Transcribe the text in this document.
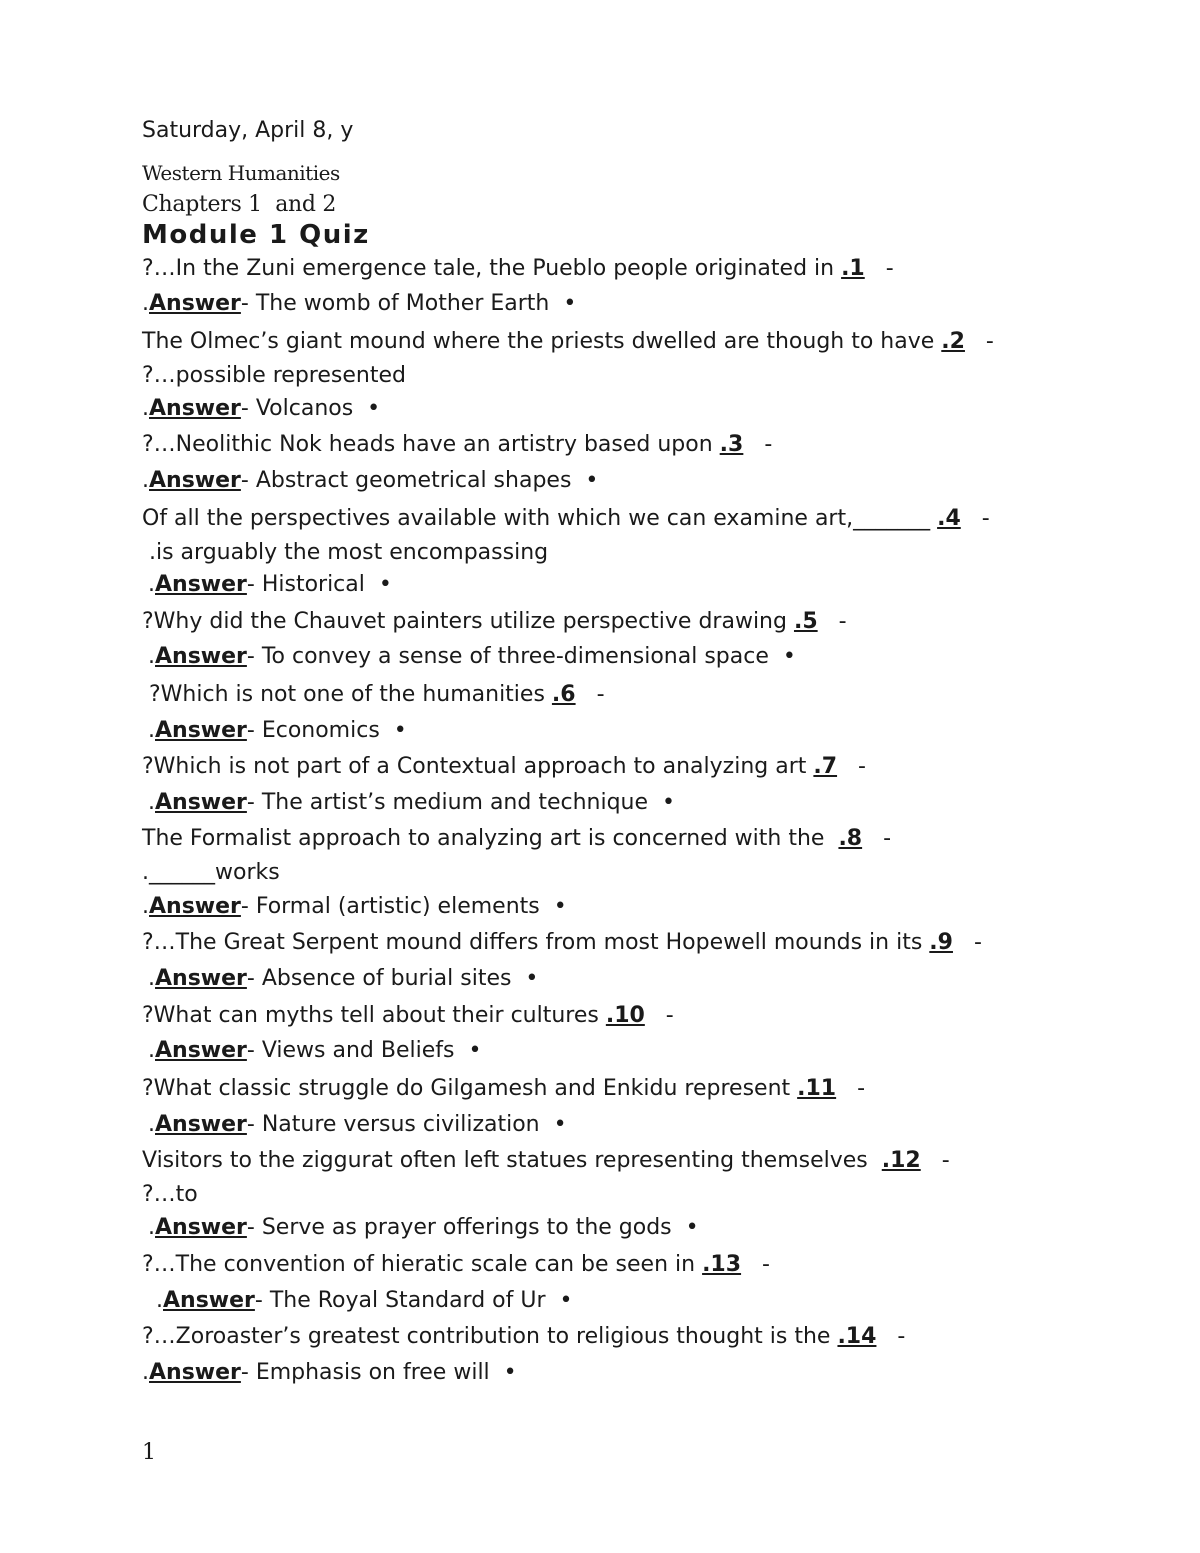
Saturday, April 8, y
Western Humanities
Chapters 1  and 2
Module 1 Quiz
?…In the Zuni emergence tale, the Pueblo people originated in .1   -
.Answer- The womb of Mother Earth  •
The Olmec’s giant mound where the priests dwelled are though to have .2   -
?…possible represented
.Answer- Volcanos  •
?…Neolithic Nok heads have an artistry based upon .3   -
.Answer- Abstract geometrical shapes  •
Of all the perspectives available with which we can examine art,_______ .4   -
.is arguably the most encompassing
.Answer- Historical  •
?Why did the Chauvet painters utilize perspective drawing .5   -
.Answer- To convey a sense of three-dimensional space  •
?Which is not one of the humanities .6   -
.Answer- Economics  •
?Which is not part of a Contextual approach to analyzing art .7   -
.Answer- The artist’s medium and technique  •
The Formalist approach to analyzing art is concerned with the  .8   -
.______works
.Answer- Formal (artistic) elements  •
?…The Great Serpent mound differs from most Hopewell mounds in its .9   -
.Answer- Absence of burial sites  •
?What can myths tell about their cultures .10   -
.Answer- Views and Beliefs  •
?What classic struggle do Gilgamesh and Enkidu represent .11   -
.Answer- Nature versus civilization  •
Visitors to the ziggurat often left statues representing themselves  .12   -
?…to
.Answer- Serve as prayer offerings to the gods  •
?…The convention of hieratic scale can be seen in .13   -
.Answer- The Royal Standard of Ur  •
?…Zoroaster’s greatest contribution to religious thought is the .14   -
.Answer- Emphasis on free will  •
1
